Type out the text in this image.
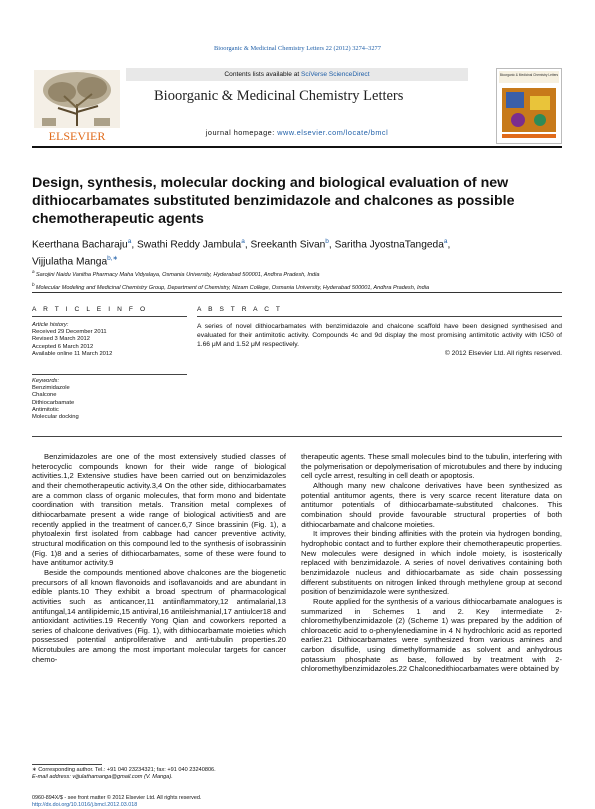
Bioorganic & Medicinal Chemistry Letters 22 (2012) 3274–3277
ELSEVIER
Contents lists available at SciVerse ScienceDirect
Bioorganic & Medicinal Chemistry Letters
journal homepage: www.elsevier.com/locate/bmcl
Bioorganic & Medicinal Chemistry Letters
Design, synthesis, molecular docking and biological evaluation of new dithiocarbamates substituted benzimidazole and chalcones as possible chemotherapeutic agents
Keerthana Bacharaju$^a$, Swathi Reddy Jambula$^a$, Sreekanth Sivan$^b$, Saritha JyostnaTangeda$^a$,
Vijjulatha Manga$^{b,∗}$
$^a$ Sarojini Naidu Vanitha Pharmacy Maha Vidyalaya, Osmania University, Hyderabad 500001, Andhra Pradesh, India
$^b$ Molecular Modeling and Medicinal Chemistry Group, Department of Chemistry, Nizam College, Osmania University, Hyderabad 500001, Andhra Pradesh, India
A R T I C L E I N F O	A B S T R A C T
Article history:
Received 29 December 2011
Revised 3 March 2012
Accepted 6 March 2012
Available online 11 March 2012
Keywords:
Benzimidazole
Chalcone
Dithiocarbamate
Antimitotic
Molecular docking
A series of novel dithiocarbamates with benzimidazole and chalcone scaffold have been designed synthesised and evaluated for their antimitotic activity. Compounds 4c and 9d display the most promising antimitotic activity with IC50 of 1.66 μM and 1.52 μM respectively.
© 2012 Elsevier Ltd. All rights reserved.

Benzimidazoles are one of the most extensively studied classes of heterocyclic compounds known for their wide range of biological activities.1,2 Extensive studies have been carried out on benzimidazoles and their chemotherapeutic activity.3,4 On the other side, dithiocarbamates are a common class of organic molecules, that form mono and bidentate coordination with transition metals. Transition metal complexes of dithiocarbamate present a wide range of biological activities5 and are recently applied in the treatment of cancer.6,7 Since brassinin (Fig. 1), a phytoalexin first isolated from cabbage had cancer preventive activity, structural modification on this compound led to the synthesis of isobrassinin (Fig. 1)8 and a series of dithiocarbamates, some of these were found to have antitumor activity.9

Beside the compounds mentioned above chalcones are the biogenetic precursors of all known flavonoids and isoflavanoids and are abundant in edible plants.10 They exhibit a broad spectrum of pharmacological activities such as anticancer,11 antiinflammatory,12 antimalarial,13 antifungal,14 antilipidemic,15 antiviral,16 antileishmanial,17 antiulcer18 and antioxidant activities.19 Recently Yong Qian and coworkers reported a series of chalcone derivatives (Fig. 1), with dithiocarbamate moieties which possessed potential antiproliferative and anti-tubulin properties.20 Microtubules are among the most important molecular targets for cancer chemo-

therapeutic agents. These small molecules bind to the tubulin, interfering with the polymerisation or depolymerisation of microtubules and there by inducing cell cycle arrest, resulting in cell death or apoptosis.

Although many new chalcone derivatives have been synthesized as potential antitumor agents, there is very scarce recent literature data on antitumor potentials of dithiocarbamate-substituted chalcones. This combination should provide favourable structural properties of both dithiocarbamate and chalcone moieties.

It improves their binding affinities with the protein via hydrogen bonding, hydrophobic contact and to further explore their chemotherapeutic properties. New molecules were designed in which indole moiety, is isosterically replaced with benzimidazole. A series of novel derivatives containing both benzimidazole nucleus and dithiocarbamate as side chain possessing different substituents on nitrogen linked through methylene group at second position of benzimidazole were synthesized.

Route applied for the synthesis of a various dithiocarbamate analogues is summarized in Schemes 1 and 2. Key intermediate 2-chloromethylbenzimidazole (2) (Scheme 1) was prepared by the addition of chloroacetic acid to o-phenylenediamine in 4 N hydrochloric acid as reported earlier.21 Dithiocarbamates were synthesized from various amines and carbon disulfide, using dimethylformamide as solvent and anhydrous potassium phosphate as base, followed by treatment with 2-chloromethylbenzimidazoles.22 Chalconedithiocarbamates were obtained by

∗ Corresponding author. Tel.: +91 040 23234321; fax: +91 040 23240806.
E-mail address: vijjulathamanga@gmail.com (V. Manga).
0960-894X/$ - see front matter © 2012 Elsevier Ltd. All rights reserved.
http://dx.doi.org/10.1016/j.bmcl.2012.03.018
